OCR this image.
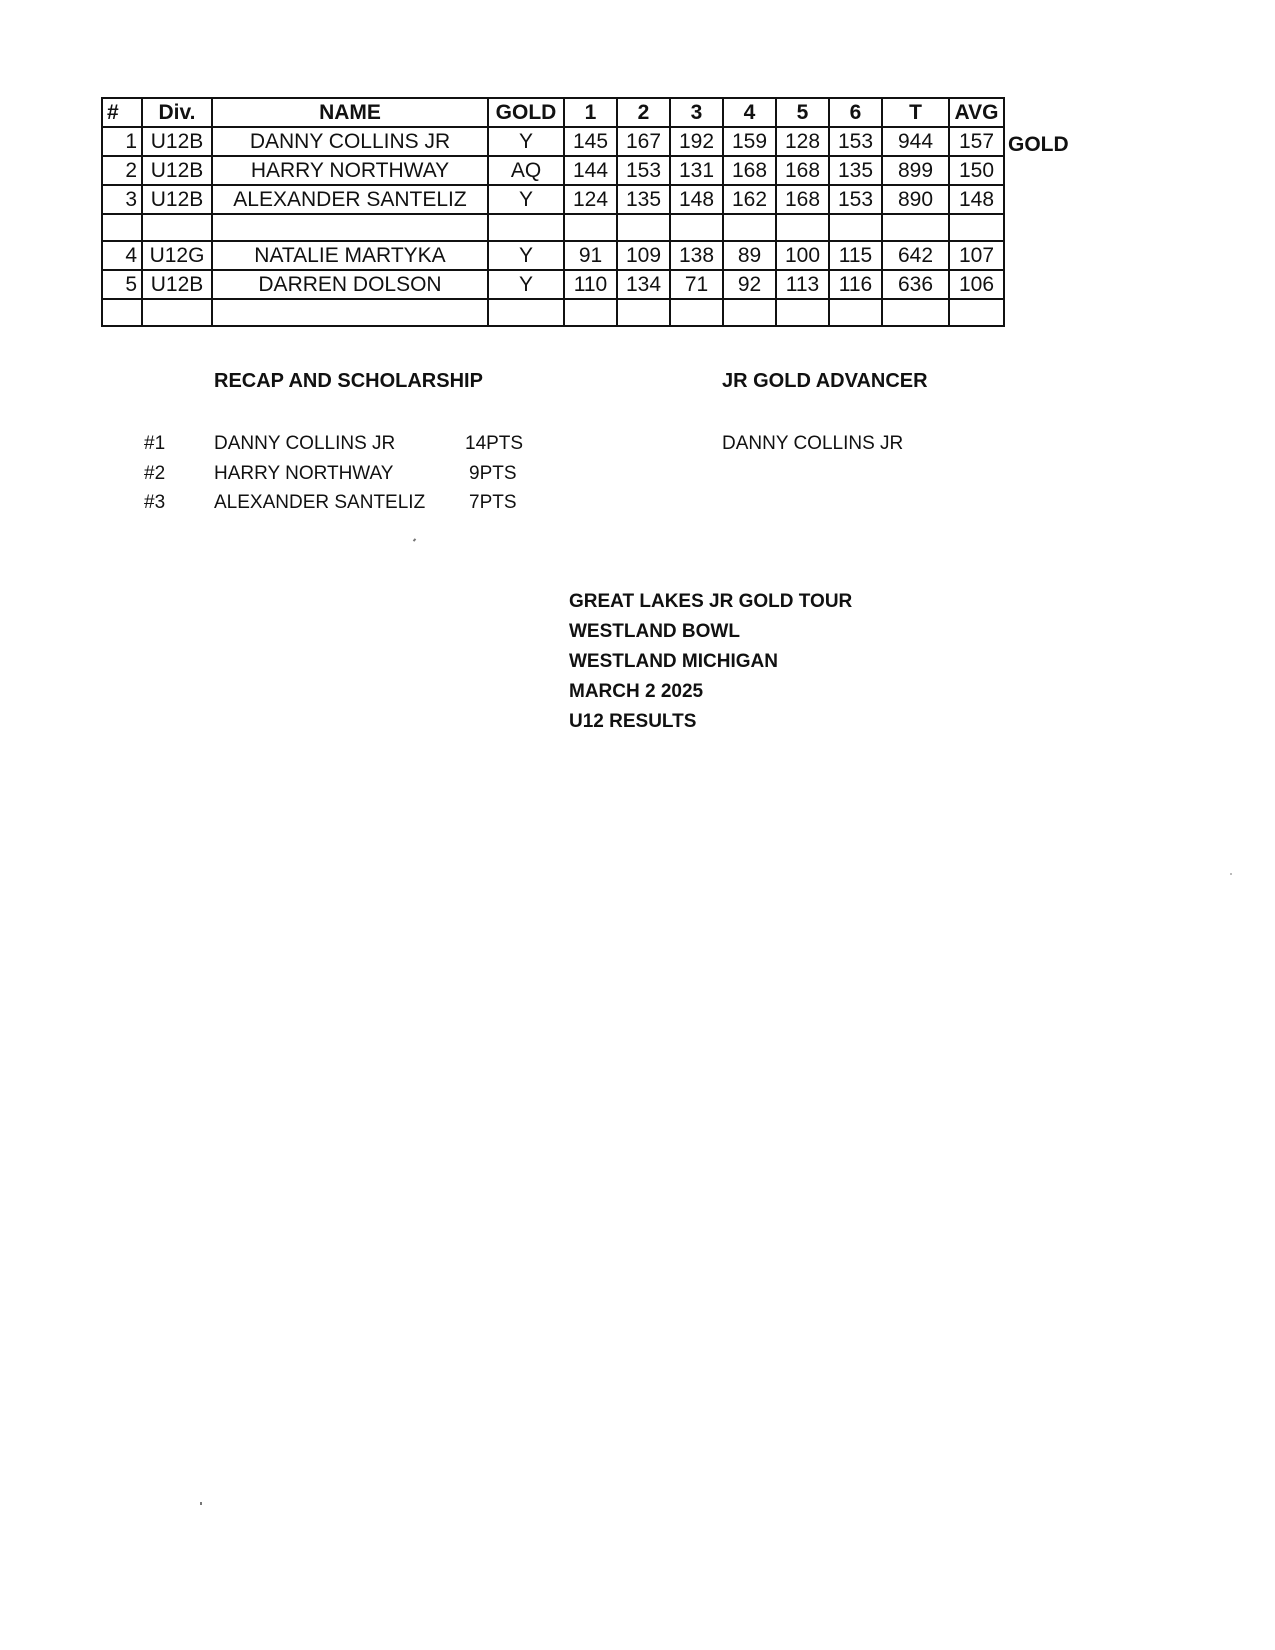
#	Div.	NAME	GOLD	1	2	3	4	5	6	T	AVG
1	U12B	DANNY COLLINS JR	Y	145	167	192	159	128	153	944	157
2	U12B	HARRY NORTHWAY	AQ	144	153	131	168	168	135	899	150
3	U12B	ALEXANDER SANTELIZ	Y	124	135	148	162	168	153	890	148

4	U12G	NATALIE MARTYKA	Y	91	109	138	89	100	115	642	107
5	U12B	DARREN DOLSON	Y	110	134	71	92	113	116	636	106

GOLD
RECAP AND SCHOLARSHIP	JR GOLD ADVANCER
#1	DANNY COLLINS JR	14PTS
#2	HARRY NORTHWAY	9PTS
#3	ALEXANDER SANTELIZ 7PTS
DANNY COLLINS JR
GREAT LAKES JR GOLD TOUR
WESTLAND BOWL
WESTLAND MICHIGAN
MARCH 2 2025
U12 RESULTS
